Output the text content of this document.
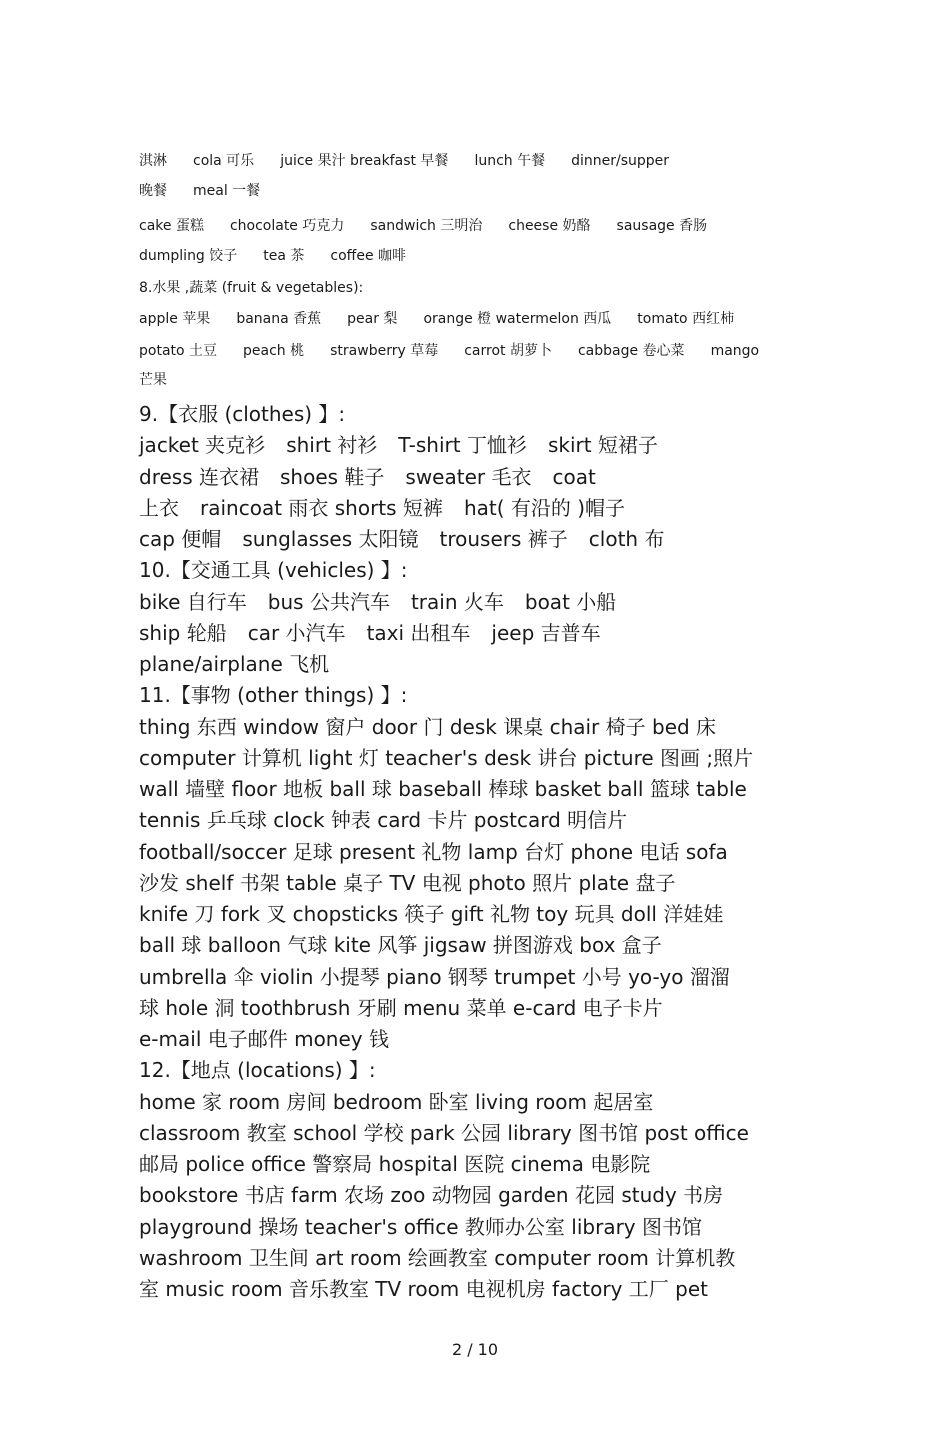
淇淋 cola 可乐 juice 果汁 breakfast 早餐 lunch 午餐 dinner/supper
晚餐 meal 一餐
cake 蛋糕 chocolate 巧克力 sandwich 三明治 cheese 奶酪 sausage 香肠
dumpling 饺子 tea 茶 coffee 咖啡
8.水果 ,蔬菜 (fruit & vegetables):
apple 苹果 banana 香蕉 pear 梨 orange 橙 watermelon 西瓜 tomato 西红柿
potato 土豆 peach 桃 strawberry 草莓 carrot 胡萝卜 cabbage 卷心菜 mango
芒果
9.【衣服 (clothes) 】:
jacket 夹克衫 shirt 衬衫 T-shirt 丁恤衫 skirt 短裙子
dress 连衣裙 shoes 鞋子 sweater 毛衣 coat
上衣 raincoat 雨衣 shorts 短裤 hat( 有沿的 )帽子
cap 便帽 sunglasses 太阳镜 trousers 裤子 cloth 布
10.【交通工具 (vehicles) 】:
bike 自行车 bus 公共汽车 train 火车 boat 小船
ship 轮船 car 小汽车 taxi 出租车 jeep 吉普车
plane/airplane 飞机
11.【事物 (other things) 】:
thing 东西 window 窗户 door 门 desk 课桌 chair 椅子 bed 床
computer 计算机 light 灯 teacher's desk 讲台 picture 图画 ;照片
wall 墙壁 floor 地板 ball 球 baseball 棒球 basket ball 篮球 table
tennis 乒乓球 clock 钟表 card 卡片 postcard 明信片
football/soccer 足球 present 礼物 lamp 台灯 phone 电话 sofa
沙发 shelf 书架 table 桌子 TV 电视 photo 照片 plate 盘子
knife 刀 fork 叉 chopsticks 筷子 gift 礼物 toy 玩具 doll 洋娃娃
ball 球 balloon 气球 kite 风筝 jigsaw 拼图游戏 box 盒子
umbrella 伞 violin 小提琴 piano 钢琴 trumpet 小号 yo-yo 溜溜
球 hole 洞 toothbrush 牙刷 menu 菜单 e-card 电子卡片
e-mail 电子邮件 money 钱
12.【地点 (locations) 】:
home 家 room 房间 bedroom 卧室 living room 起居室
classroom 教室 school 学校 park 公园 library 图书馆 post office
邮局 police office 警察局 hospital 医院 cinema 电影院
bookstore 书店 farm 农场 zoo 动物园 garden 花园 study 书房
playground 操场 teacher's office 教师办公室 library 图书馆
washroom 卫生间 art room 绘画教室 computer room 计算机教
室 music room 音乐教室 TV room 电视机房 factory 工厂 pet
2 / 10
